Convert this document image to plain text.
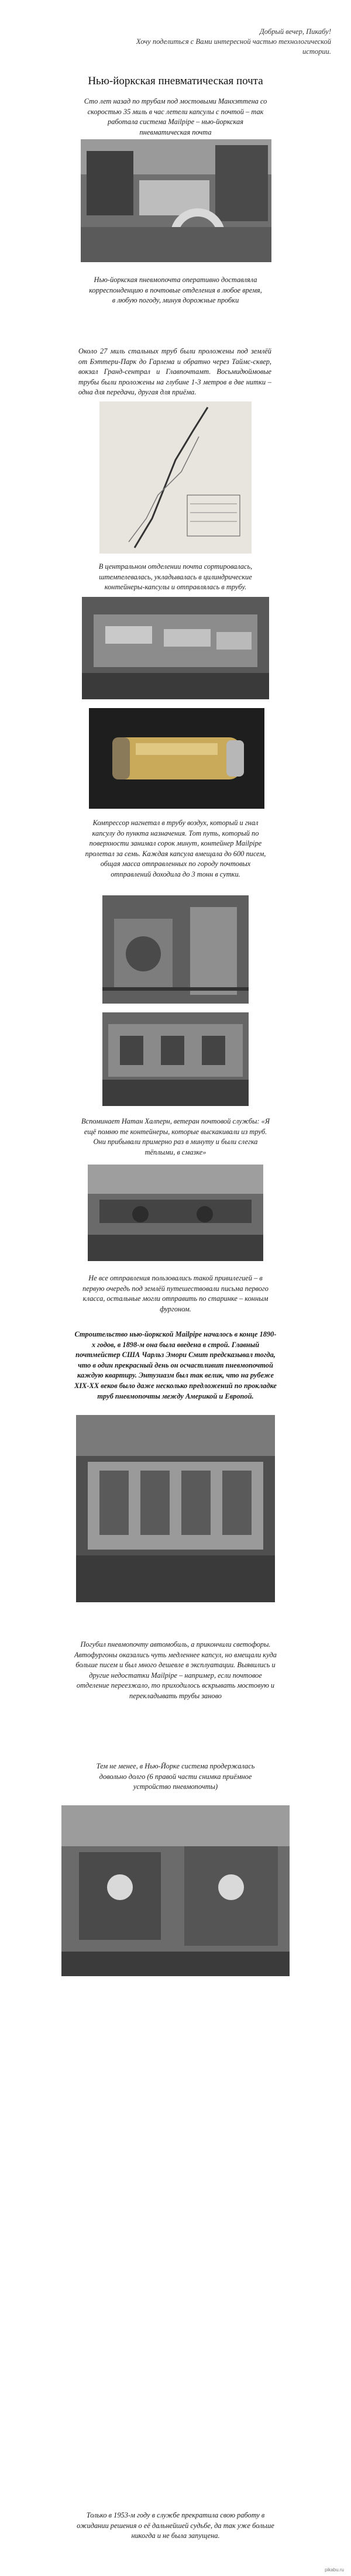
Добрый вечер, Пикабу!
Хочу поделиться с Вами интересной частью технологической истории.
Нью-йоркская пневматическая почта
Сто лет назад по трубам под мостовыми Манхэттена со скоростью 35 миль в час летели капсулы с почтой – так работала система Mailpipe – нью-йоркская пневматическая почта
Нью-йоркская пневмопочта оперативно доставляла корреспонденцию в почтовые отделения в любое время, в любую погоду, минуя дорожные пробки
Около 27 миль стальных труб были проложены под землёй от Бэттери-Парк до Гарлема и обратно через Таймс-сквер, вокзал Гранд-сентрал и Главпочтамт. Восьмидюймовые трубы были проложены на глубине 1-3 метров в две нитки – одна для передачи, другая для приёма.
В центральном отделении почта сортировалась, штемпелевалась, укладывалась в цилиндрические контейнеры-капсулы и отправлялась в трубу.
Компрессор нагнетал в трубу воздух, который и гнал капсулу до пункта назначения. Тот путь, который по поверхности занимал сорок минут, контейнер Mailpipe пролетал за семь. Каждая капсула вмещала до 600 писем, общая масса отправленных по городу почтовых отправлений доходила до 3 тонн в сутки.
Вспоминает Натан Халперн, ветеран почтовой службы: «Я ещё помню те контейнеры, которые выскакивали из труб. Они прибывали примерно раз в минуту и были слегка тёплыми, в смазке»
Не все отправления пользовались такой привилегией – в первую очередь под землёй путешествовали письма первого класса, остальные могли отправить по старинке – конным фургоном.
Строительство нью-йоркской Mailpipe началось в конце 1890-х годов, в 1898-м она была введена в строй. Главный почтмейстер США Чарльз Эмори Смит предсказывал тогда, что в один прекрасный день он осчастливит пневмопочтой каждую квартиру. Энтузиазм был так велик, что на рубеже XIX-XX веков было даже несколько предложений по прокладке труб пневмопочты между Америкой и Европой.
Погубил пневмопочту автомобиль, а прикончили светофоры. Автофургоны оказались чуть медленнее капсул, но вмещали куда больше писем и был много дешевле в эксплуатации. Выявились и другие недостатки Mailpipe – например, если почтовое отделение переезжало, то приходилось вскрывать мостовую и перекладывать трубы заново
Тем не менее, в Нью-Йорке система продержалась довольно долго (6 правой части снимка приёмное устройство пневмопочты)
Только в 1953-м году в службе прекратила свою работу в ожидании решения о её дальнейшей судьбе, да так уже больше никогда и не была запущена.
pikabu.ru
